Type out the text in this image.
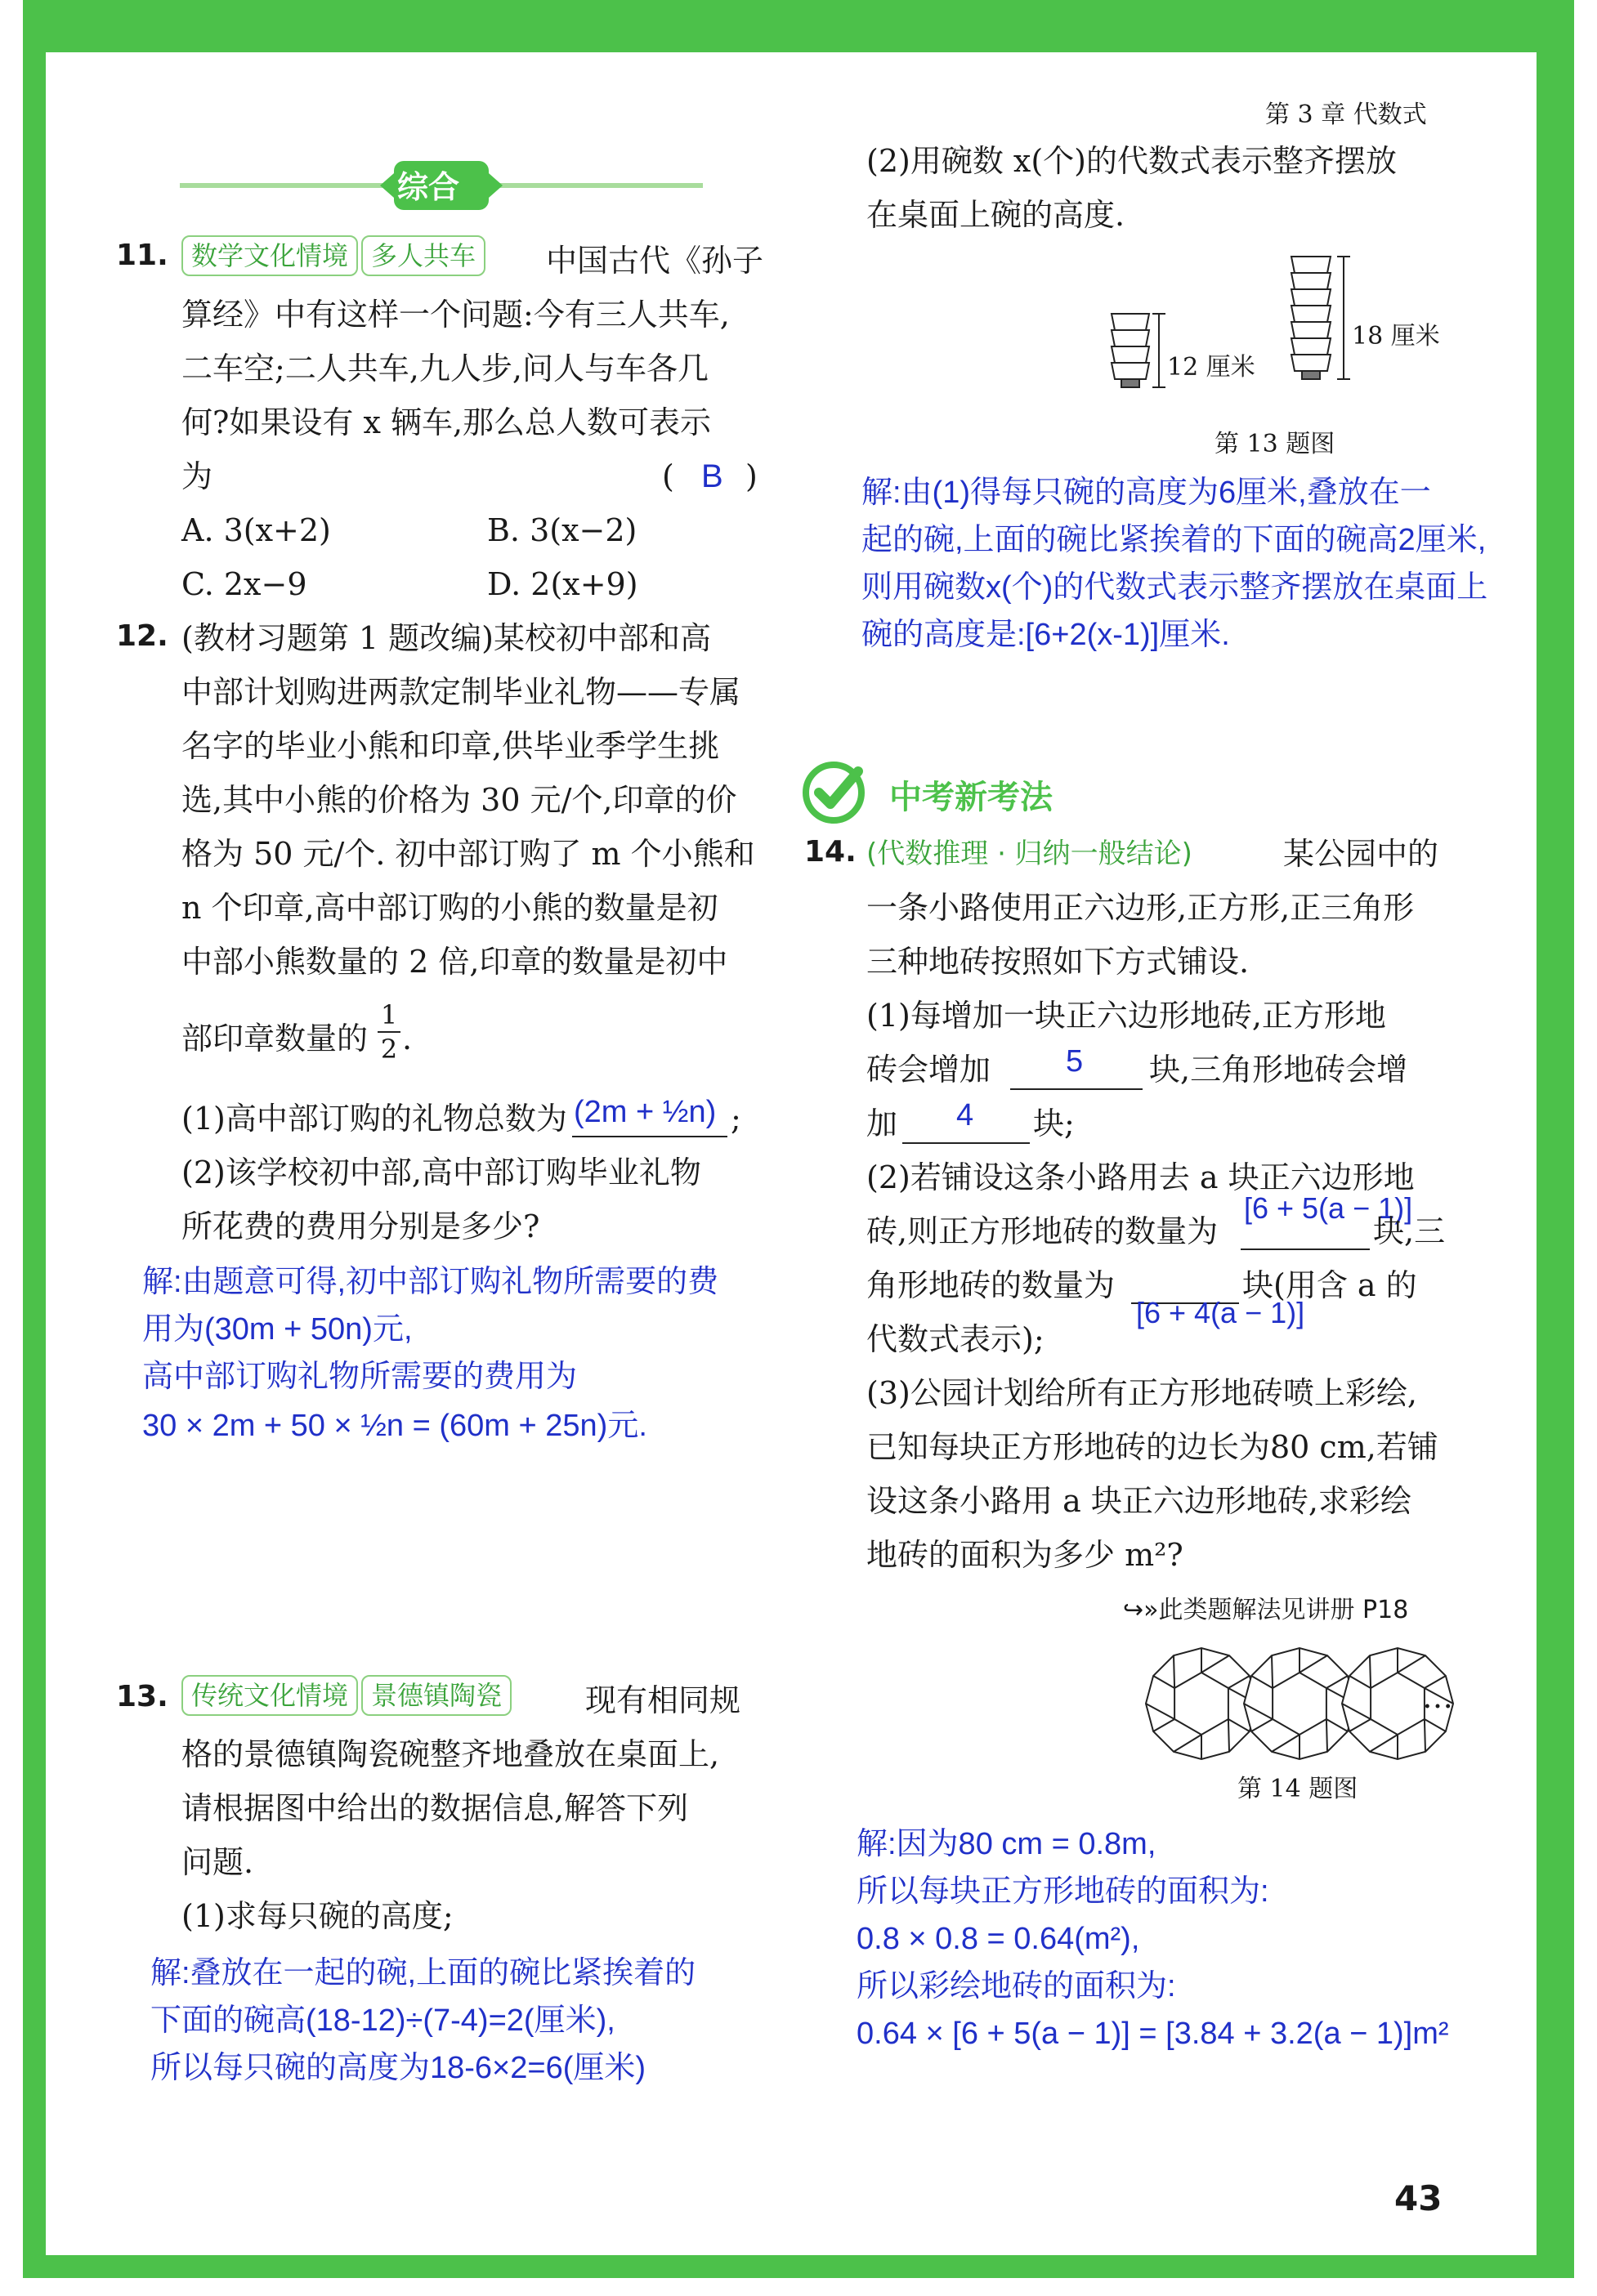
第 3 章 代数式
综合
11. 数学文化情境 多人共车	中国古代《孙子
算经》中有这样一个问题:今有三人共车,
二车空;二人共车,九人步,问人与车各几
何?如果设有 x 辆车,那么总人数可表示
为	( B )
A. 3(x+2)	B. 3(x−2)
C. 2x−9	D. 2(x+9)
12. (教材习题第 1 题改编)某校初中部和高
中部计划购进两款定制毕业礼物——专属
名字的毕业小熊和印章,供毕业季学生挑
选,其中小熊的价格为 30 元/个,印章的价
格为 50 元/个. 初中部订购了 m 个小熊和
n 个印章,高中部订购的小熊的数量是初
中部小熊数量的 2 倍,印章的数量是初中
部印章数量的 $\frac{1}{2}$ .
(1)高中部订购的礼物总数为 (2m + ½n) ;
(2)该学校初中部,高中部订购毕业礼物
所花费的费用分别是多少?
解:由题意可得,初中部订购礼物所需要的费
用为(30m + 50n)元,
高中部订购礼物所需要的费用为
30 × 2m + 50 × ½n = (60m + 25n)元.
13. 传统文化情境 景德镇陶瓷	现有相同规
格的景德镇陶瓷碗整齐地叠放在桌面上,
请根据图中给出的数据信息,解答下列
问题.
(1)求每只碗的高度;
解:叠放在一起的碗,上面的碗比紧挨着的
下面的碗高(18-12)÷(7-4)=2(厘米),
所以每只碗的高度为18-6×2=6(厘米)
(2)用碗数 x(个)的代数式表示整齐摆放
在桌面上碗的高度.
12 厘米
18 厘米
第 13 题图
解:由(1)得每只碗的高度为6厘米,叠放在一
起的碗,上面的碗比紧挨着的下面的碗高2厘米,
则用碗数x(个)的代数式表示整齐摆放在桌面上
碗的高度是:[6+2(x-1)]厘米.
中考新考法
14. (代数推理 · 归纳一般结论)	某公园中的
一条小路使用正六边形,正方形,正三角形
三种地砖按照如下方式铺设.
(1)每增加一块正六边形地砖,正方形地
砖会增加 5 块,三角形地砖会增
加 4 块;
(2)若铺设这条小路用去 a 块正六边形地
砖,则正方形地砖的数量为
[6 + 5(a − 1)]
块,三
角形地砖的数量为
[6 + 4(a − 1)]
块(用含 a 的
代数式表示);
(3)公园计划给所有正方形地砖喷上彩绘,
已知每块正方形地砖的边长为80 cm,若铺
设这条小路用 a 块正六边形地砖,求彩绘
地砖的面积为多少 m²?
↪»此类题解法见讲册 P18
…
第 14 题图
解:因为80 cm = 0.8m,
所以每块正方形地砖的面积为:
0.8 × 0.8 = 0.64(m²),
所以彩绘地砖的面积为:
0.64 × [6 + 5(a − 1)] = [3.84 + 3.2(a − 1)]m²
43
